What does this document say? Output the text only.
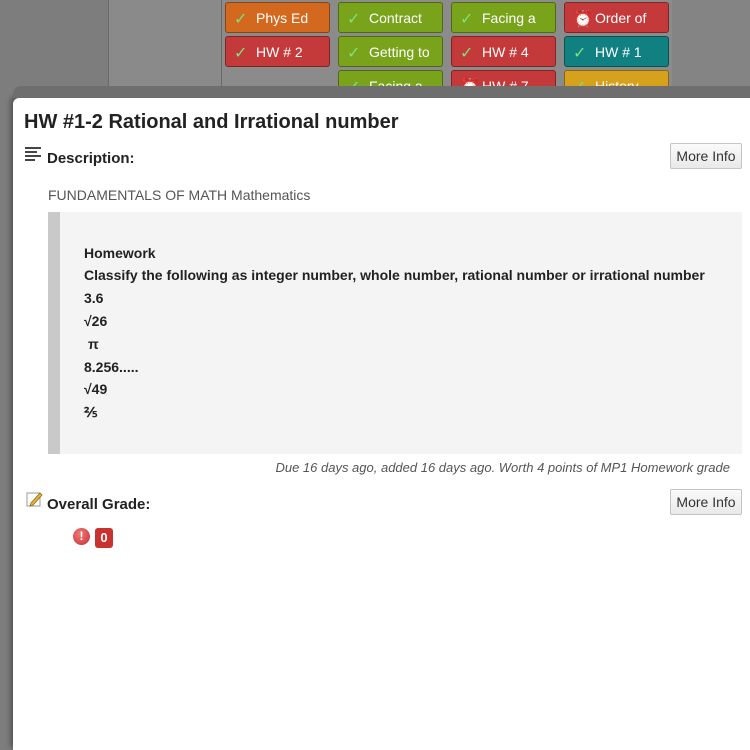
✓ Phys Ed	✓ Contract	✓ Facing a	⏰ Order of
✓ HW # 2	✓ Getting to	✓ HW # 4	✓ HW # 1
HW #1-2 Rational and Irrational number
Description:	More Info
FUNDAMENTALS OF MATH Mathematics
Homework
Classify the following as integer number, whole number, rational number or irrational number
3.6
√26
π
8.256.....
√49
⅖
Due 16 days ago, added 16 days ago. Worth 4 points of MP1 Homework grade
Overall Grade:	More Info
!	0
